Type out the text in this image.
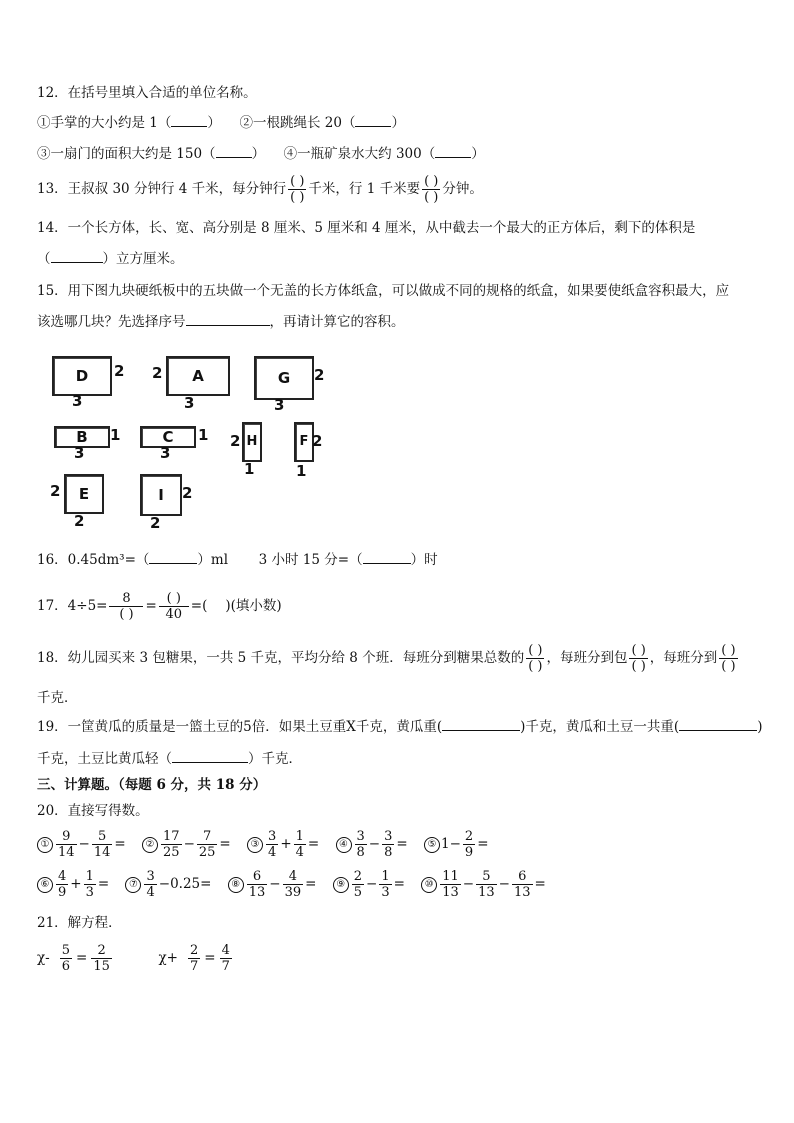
12．在括号里填入合适的单位名称。
①手掌的大小约是 1（	） ②一根跳绳长 20（	）
③一扇门的面积大约是 150（	） ④一瓶矿泉水大约 300（	）
13．王叔叔 30 分钟行 4 千米，每分钟行 $\frac{( )}{( )}$ 千米，行 1 千米要 $\frac{( )}{( )}$ 分钟。
14．一个长方体，长、宽、高分别是 8 厘米、5 厘米和 4 厘米，从中截去一个最大的正方体后，剩下的体积是
（	）立方厘米。
15．用下图九块硬纸板中的五块做一个无盖的长方体纸盒，可以做成不同的规格的纸盒，如果要使纸盒容积最大，应
该选哪几块？先选择序号	，再请计算它的容积。
D	2
3
A
2
3
G	2
3
B	1
3
C	1
3
H
2
1
F 2
1
E
2
2
I	2
2
16．0.45dm³=（	）ml 3 小时 15 分=（	）时
17．$4\div 5= \frac{8}{( )} = \frac{( )}{40}$ =( )(填小数)
18．幼儿园买来 3 包糖果，一共 5 千克，平均分给 8 个班．每班分到糖果总数的 $\frac{( )}{( )}$ ，每班分到包 $\frac{( )}{( )}$ ，每班分到 $\frac{( )}{( )}$
千克．
19．一筐黄瓜的质量是一篮土豆的5倍．如果土豆重X千克，黄瓜重(	)千克，黄瓜和土豆一共重(	)
千克，土豆比黄瓜轻（	）千克．
三、计算题。（每题 6 分，共 18 分）
20．直接写得数。
① $\frac{9}{14} - \frac{5}{14}$ = ② $\frac{17}{25} - \frac{7}{25}$ = ③ $\frac{3}{4} + \frac{1}{4}$ = ④ $\frac{3}{8} - \frac{3}{8}$ = ⑤ $1- \frac{2}{9}$ =
⑥ $\frac{4}{9} + \frac{1}{3}$ = ⑦ $\frac{3}{4} -0.25=$ ⑧ $\frac{6}{13} - \frac{4}{39}$ = ⑨ $\frac{2}{5} - \frac{1}{3}$ = ⑩ $\frac{11}{13} - \frac{5}{13} - \frac{6}{13}$ =
21．解方程．
$\chi- \frac{5}{6} = \frac{2}{15}$	$\chi+ \frac{2}{7} = \frac{4}{7}$
